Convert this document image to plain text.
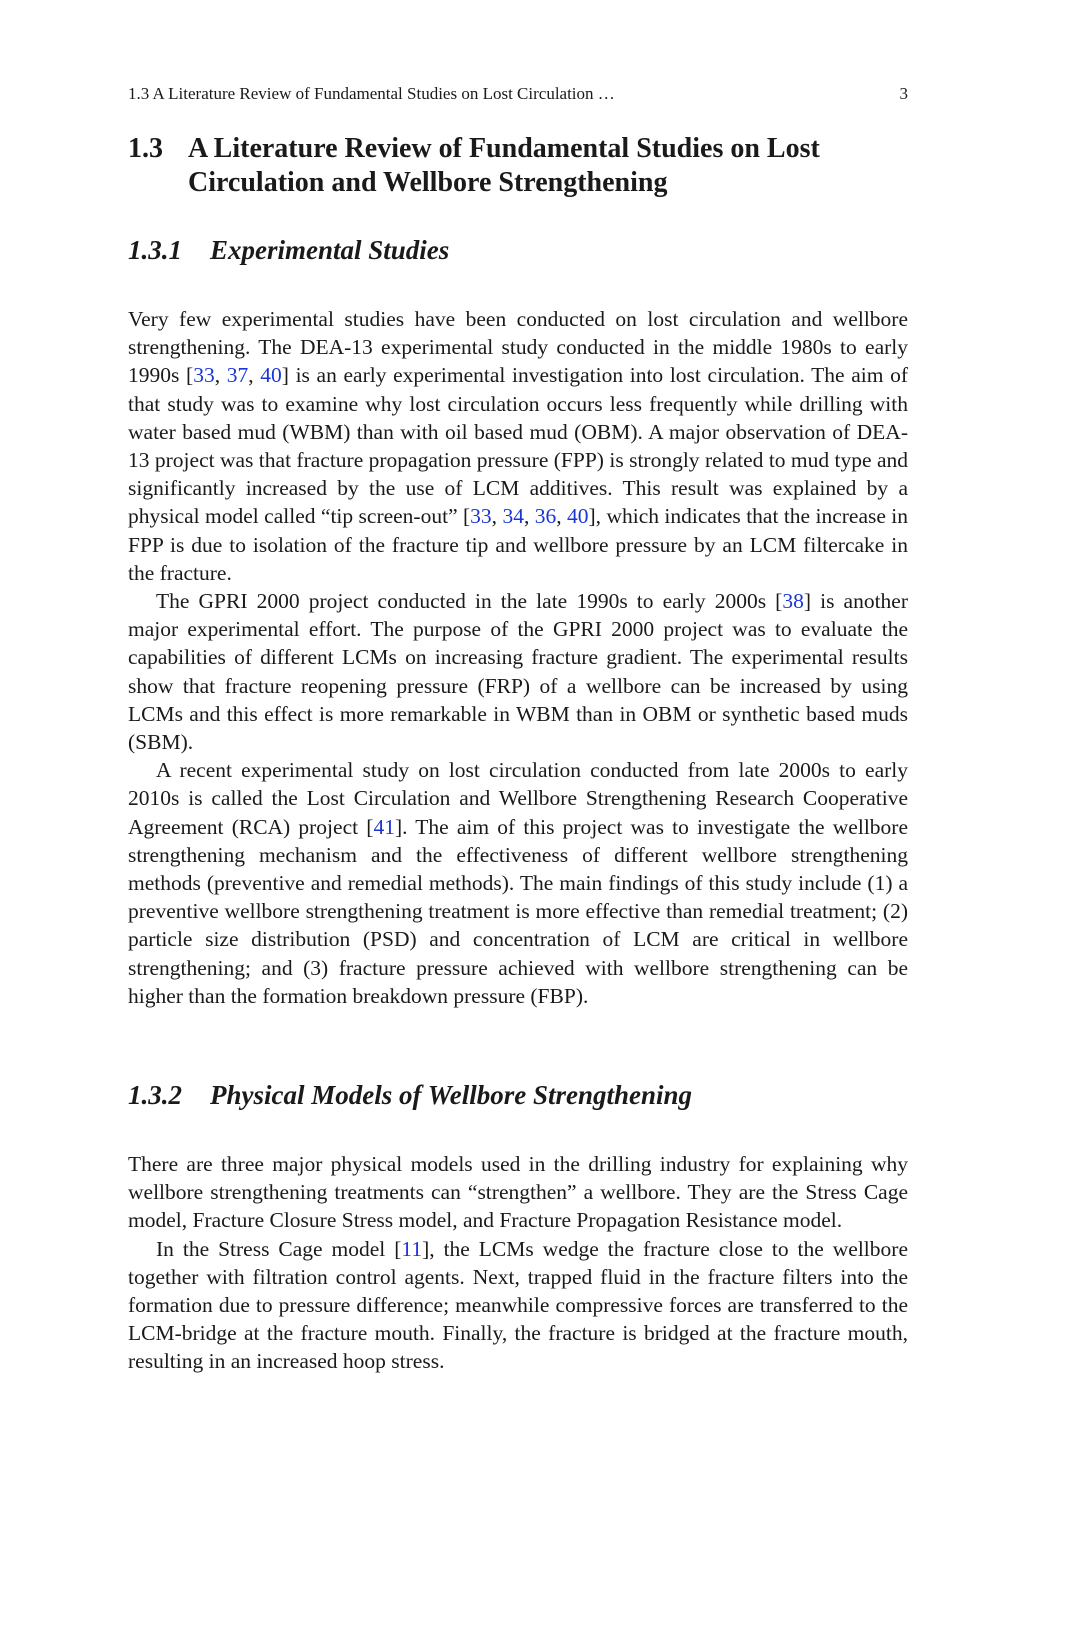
1.3 A Literature Review of Fundamental Studies on Lost Circulation …	3
1.3 A Literature Review of Fundamental Studies on Lost Circulation and Wellbore Strengthening
1.3.1	Experimental Studies

Very few experimental studies have been conducted on lost circulation and wellbore strengthening. The DEA-13 experimental study conducted in the middle 1980s to early 1990s [33, 37, 40] is an early experimental investigation into lost circulation. The aim of that study was to examine why lost circulation occurs less frequently while drilling with water based mud (WBM) than with oil based mud (OBM). A major observation of DEA-13 project was that fracture propagation pressure (FPP) is strongly related to mud type and significantly increased by the use of LCM additives. This result was explained by a physical model called “tip screen-out” [33, 34, 36, 40], which indicates that the increase in FPP is due to isolation of the fracture tip and wellbore pressure by an LCM filtercake in the fracture.

The GPRI 2000 project conducted in the late 1990s to early 2000s [38] is another major experimental effort. The purpose of the GPRI 2000 project was to evaluate the capabilities of different LCMs on increasing fracture gradient. The experimental results show that fracture reopening pressure (FRP) of a wellbore can be increased by using LCMs and this effect is more remarkable in WBM than in OBM or synthetic based muds (SBM).

A recent experimental study on lost circulation conducted from late 2000s to early 2010s is called the Lost Circulation and Wellbore Strengthening Research Cooperative Agreement (RCA) project [41]. The aim of this project was to investigate the wellbore strengthening mechanism and the effectiveness of different wellbore strengthening methods (preventive and remedial methods). The main findings of this study include (1) a preventive wellbore strengthening treatment is more effective than remedial treatment; (2) particle size distribution (PSD) and concentration of LCM are critical in wellbore strengthening; and (3) fracture pressure achieved with wellbore strengthening can be higher than the formation breakdown pressure (FBP).

1.3.2	Physical Models of Wellbore Strengthening

There are three major physical models used in the drilling industry for explaining why wellbore strengthening treatments can “strengthen” a wellbore. They are the Stress Cage model, Fracture Closure Stress model, and Fracture Propagation Resistance model.

In the Stress Cage model [11], the LCMs wedge the fracture close to the wellbore together with filtration control agents. Next, trapped fluid in the fracture filters into the formation due to pressure difference; meanwhile compressive forces are transferred to the LCM-bridge at the fracture mouth. Finally, the fracture is bridged at the fracture mouth, resulting in an increased hoop stress.
